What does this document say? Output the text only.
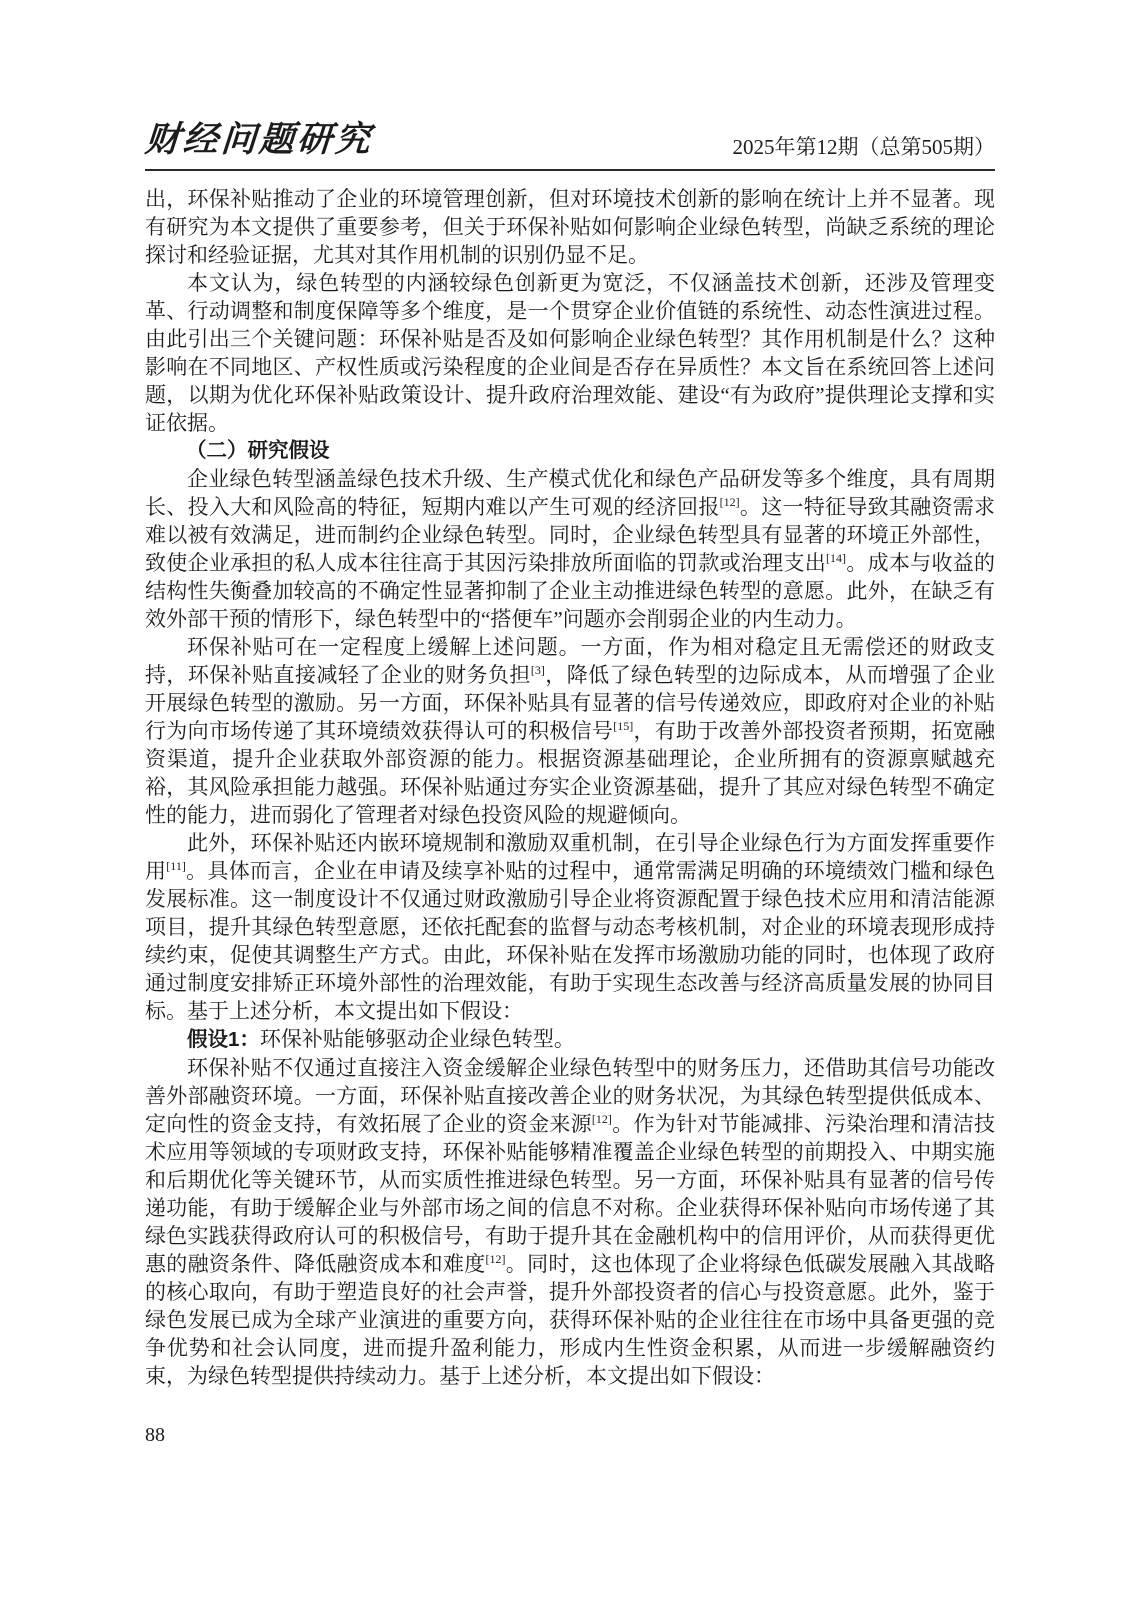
财经问题研究	2025年第12期（总第505期）

出，环保补贴推动了企业的环境管理创新，但对环境技术创新的影响在统计上并不显著。现有研究为本文提供了重要参考，但关于环保补贴如何影响企业绿色转型，尚缺乏系统的理论探讨和经验证据，尤其对其作用机制的识别仍显不足。

本文认为，绿色转型的内涵较绿色创新更为宽泛，不仅涵盖技术创新，还涉及管理变革、行动调整和制度保障等多个维度，是一个贯穿企业价值链的系统性、动态性演进过程。由此引出三个关键问题：环保补贴是否及如何影响企业绿色转型？其作用机制是什么？这种影响在不同地区、产权性质或污染程度的企业间是否存在异质性？本文旨在系统回答上述问题，以期为优化环保补贴政策设计、提升政府治理效能、建设“有为政府”提供理论支撑和实证依据。

（二）研究假设

企业绿色转型涵盖绿色技术升级、生产模式优化和绿色产品研发等多个维度，具有周期长、投入大和风险高的特征，短期内难以产生可观的经济回报[12]。这一特征导致其融资需求难以被有效满足，进而制约企业绿色转型。同时，企业绿色转型具有显著的环境正外部性，致使企业承担的私人成本往往高于其因污染排放所面临的罚款或治理支出[14]。成本与收益的结构性失衡叠加较高的不确定性显著抑制了企业主动推进绿色转型的意愿。此外，在缺乏有效外部干预的情形下，绿色转型中的“搭便车”问题亦会削弱企业的内生动力。

环保补贴可在一定程度上缓解上述问题。一方面，作为相对稳定且无需偿还的财政支持，环保补贴直接减轻了企业的财务负担[3]，降低了绿色转型的边际成本，从而增强了企业开展绿色转型的激励。另一方面，环保补贴具有显著的信号传递效应，即政府对企业的补贴行为向市场传递了其环境绩效获得认可的积极信号[15]，有助于改善外部投资者预期，拓宽融资渠道，提升企业获取外部资源的能力。根据资源基础理论，企业所拥有的资源禀赋越充裕，其风险承担能力越强。环保补贴通过夯实企业资源基础，提升了其应对绿色转型不确定性的能力，进而弱化了管理者对绿色投资风险的规避倾向。

此外，环保补贴还内嵌环境规制和激励双重机制，在引导企业绿色行为方面发挥重要作用[11]。具体而言，企业在申请及续享补贴的过程中，通常需满足明确的环境绩效门槛和绿色发展标准。这一制度设计不仅通过财政激励引导企业将资源配置于绿色技术应用和清洁能源项目，提升其绿色转型意愿，还依托配套的监督与动态考核机制，对企业的环境表现形成持续约束，促使其调整生产方式。由此，环保补贴在发挥市场激励功能的同时，也体现了政府通过制度安排矫正环境外部性的治理效能，有助于实现生态改善与经济高质量发展的协同目标。基于上述分析，本文提出如下假设：

假设1：环保补贴能够驱动企业绿色转型。

环保补贴不仅通过直接注入资金缓解企业绿色转型中的财务压力，还借助其信号功能改善外部融资环境。一方面，环保补贴直接改善企业的财务状况，为其绿色转型提供低成本、定向性的资金支持，有效拓展了企业的资金来源[12]。作为针对节能减排、污染治理和清洁技术应用等领域的专项财政支持，环保补贴能够精准覆盖企业绿色转型的前期投入、中期实施和后期优化等关键环节，从而实质性推进绿色转型。另一方面，环保补贴具有显著的信号传递功能，有助于缓解企业与外部市场之间的信息不对称。企业获得环保补贴向市场传递了其绿色实践获得政府认可的积极信号，有助于提升其在金融机构中的信用评价，从而获得更优惠的融资条件、降低融资成本和难度[12]。同时，这也体现了企业将绿色低碳发展融入其战略的核心取向，有助于塑造良好的社会声誉，提升外部投资者的信心与投资意愿。此外，鉴于绿色发展已成为全球产业演进的重要方向，获得环保补贴的企业往往在市场中具备更强的竞争优势和社会认同度，进而提升盈利能力，形成内生性资金积累，从而进一步缓解融资约束，为绿色转型提供持续动力。基于上述分析，本文提出如下假设：

88
